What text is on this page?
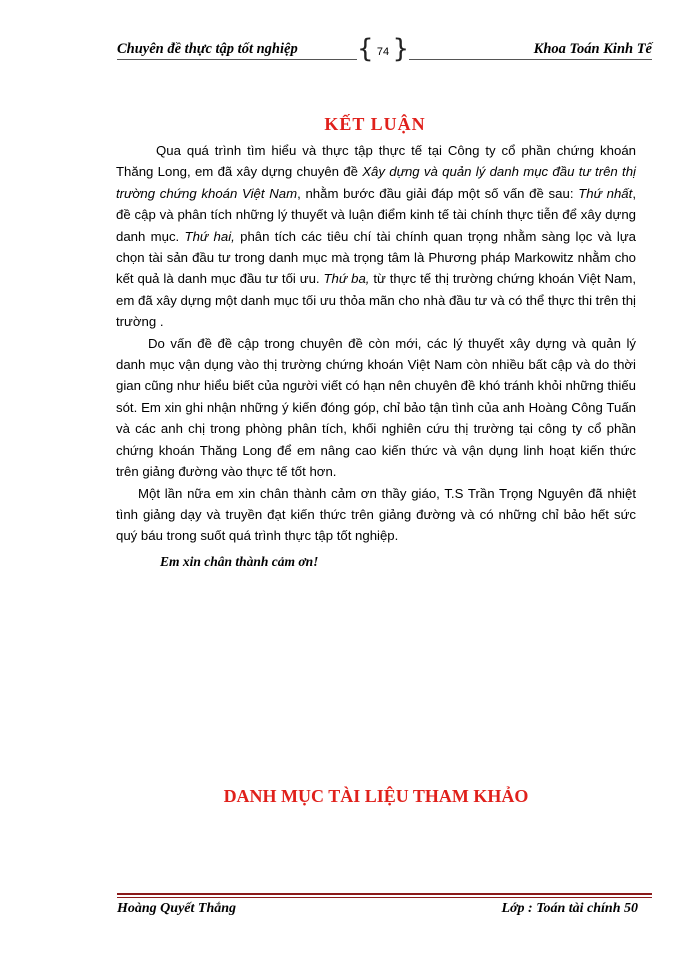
Chuyên đề thực tập tốt nghiệp	Khoa Toán Kinh Tế
{ 74 }
KẾT LUẬN

Qua quá trình tìm hiểu và thực tập thực tế tại Công ty cổ phần chứng khoán Thăng Long, em đã xây dựng chuyên đề Xây dựng và quản lý danh mục đầu tư trên thị trường chứng khoán Việt Nam, nhằm bước đầu giải đáp một số vấn đề sau: Thứ nhất, đề cập và phân tích những lý thuyết và luận điểm kinh tế tài chính thực tiễn để xây dựng danh mục. Thứ hai, phân tích các tiêu chí tài chính quan trọng nhằm sàng lọc và lựa chọn tài sản đầu tư trong danh mục mà trọng tâm là Phương pháp Markowitz nhằm cho kết quả là danh mục đầu tư tối ưu. Thứ ba, từ thực tế thị trường chứng khoán Việt Nam, em đã xây dựng một danh mục tối ưu thỏa mãn cho nhà đầu tư và có thể thực thi trên thị trường .

Do vấn đề đề cập trong chuyên đề còn mới, các lý thuyết xây dựng và quản lý danh mục vận dụng vào thị trường chứng khoán Việt Nam còn nhiều bất cập và do thời gian cũng như hiểu biết của người viết có hạn nên chuyên đề khó tránh khỏi những thiếu sót. Em xin ghi nhận những ý kiến đóng góp, chỉ bảo tận tình của anh Hoàng Công Tuấn và các anh chị trong phòng phân tích, khối nghiên cứu thị trường tại công ty cổ phần chứng khoán Thăng Long để em nâng cao kiến thức và vận dụng linh hoạt kiến thức trên giảng đường vào thực tế tốt hơn.

Một lần nữa em xin chân thành cảm ơn thầy giáo, T.S Trần Trọng Nguyên đã nhiệt tình giảng dạy và truyền đạt kiến thức trên giảng đường và có những chỉ bảo hết sức quý báu trong suốt quá trình thực tập tốt nghiệp.

Em xin chân thành cảm ơn!

DANH MỤC TÀI LIỆU THAM KHẢO
Hoàng Quyết Thắng	Lớp : Toán tài chính 50
